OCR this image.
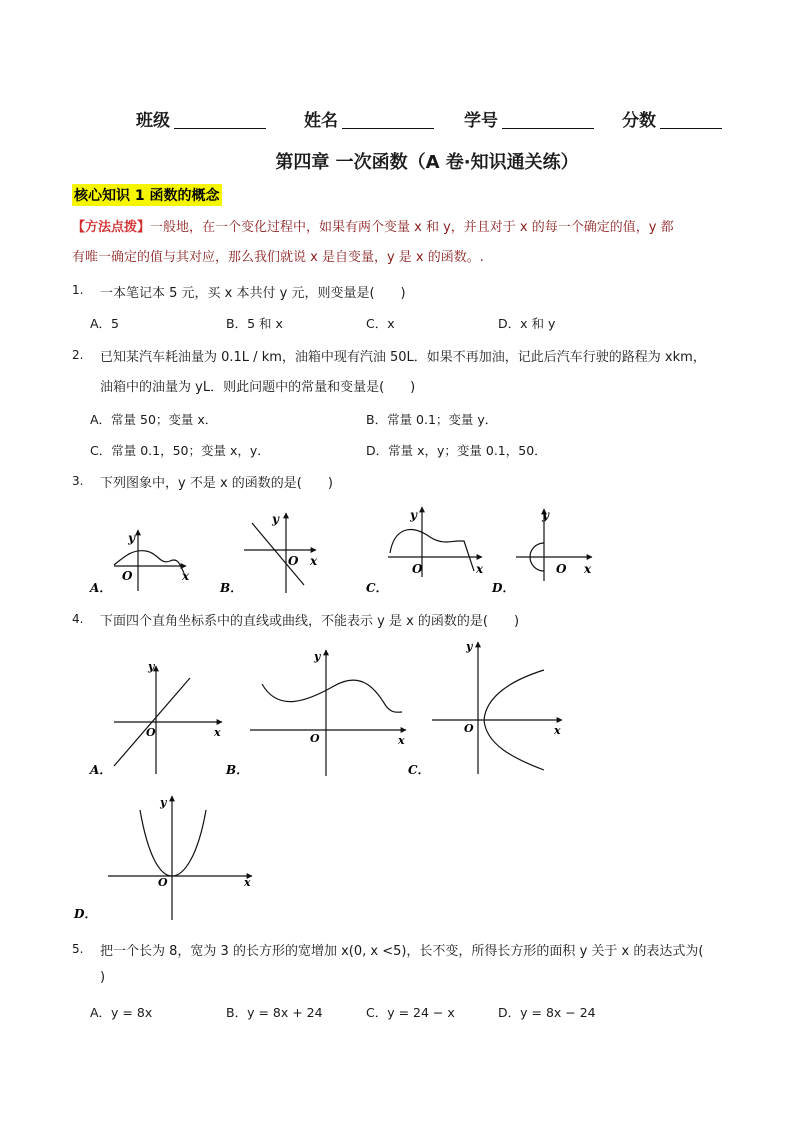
班级	姓名	学号	分数
第四章 一次函数（A 卷·知识通关练）
核心知识 1 函数的概念
【方法点拨】一般地，在一个变化过程中，如果有两个变量 x 和 y，并且对于 x 的每一个确定的值，y 都
有唯一确定的值与其对应，那么我们就说 x 是自变量，y 是 x 的函数。.
1. 一本笔记本 5 元，买 x 本共付 y 元，则变量是(　　)
A．5	B．5 和 x	C．x	D．x 和 y
2. 已知某汽车耗油量为 0.1L / km，油箱中现有汽油 50L．如果不再加油，记此后汽车行驶的路程为 xkm，
油箱中的油量为 yL．则此问题中的常量和变量是(　　)
A．常量 50；变量 x．	B．常量 0.1；变量 y．
C．常量 0.1，50；变量 x，y．	D．常量 x，y；变量 0.1，50．
3. 下列图象中，y 不是 x 的函数的是(　　)
y
O	x
A．
y
O x
B．
y
O	x
C．
y
O x
D．
4. 下面四个直角坐标系中的直线或曲线，不能表示 y 是 x 的函数的是(　　)
y
O	x
A．
y
O	x
B．
y
O	x
C．
y
O	x
D．
5. 把一个长为 8，宽为 3 的长方形的宽增加 x(0, x <5)，长不变，所得长方形的面积 y 关于 x 的表达式为(
)
A．y = 8x	B．y = 8x + 24	C．y = 24 − x	D．y = 8x − 24
